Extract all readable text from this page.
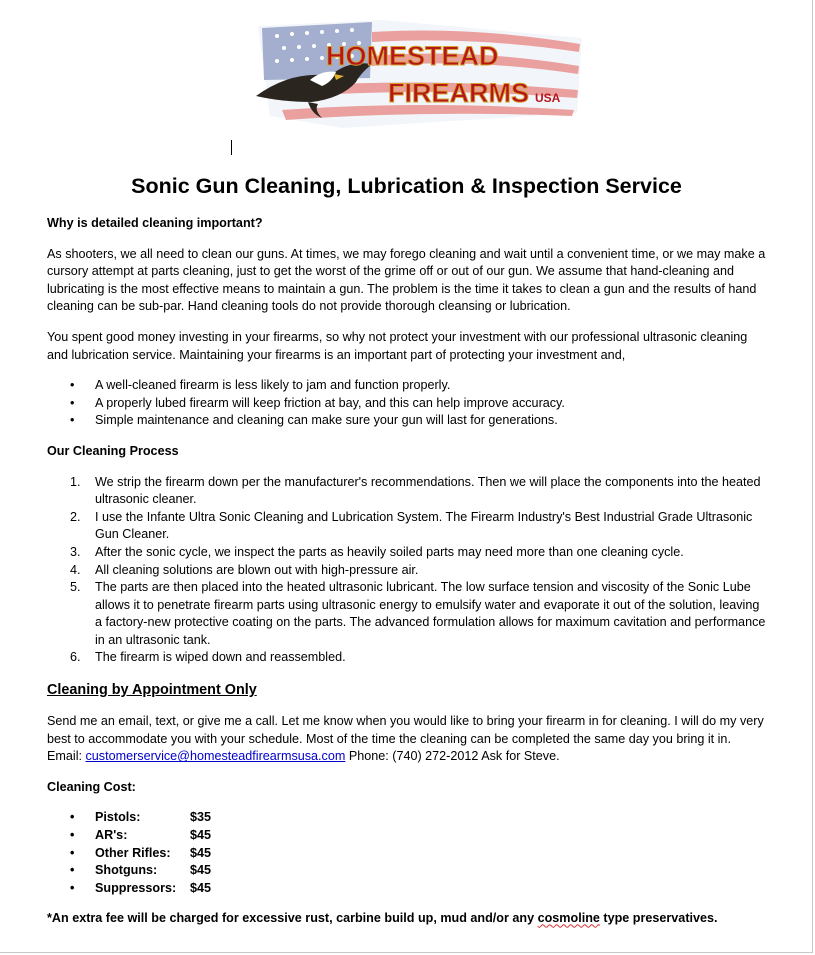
HOMESTEAD
FIREARMS USA
Sonic Gun Cleaning, Lubrication & Inspection Service

Why is detailed cleaning important?

As shooters, we all need to clean our guns. At times, we may forego cleaning and wait until a convenient time, or we may make a cursory attempt at parts cleaning, just to get the worst of the grime off or out of our gun. We assume that hand-cleaning and lubricating is the most effective means to maintain a gun. The problem is the time it takes to clean a gun and the results of hand cleaning can be sub-par. Hand cleaning tools do not provide thorough cleansing or lubrication.

You spent good money investing in your firearms, so why not protect your investment with our professional ultrasonic cleaning and lubrication service. Maintaining your firearms is an important part of protecting your investment and,

• A well-cleaned firearm is less likely to jam and function properly.
• A properly lubed firearm will keep friction at bay, and this can help improve accuracy.
• Simple maintenance and cleaning can make sure your gun will last for generations.

Our Cleaning Process

1. We strip the firearm down per the manufacturer's recommendations. Then we will place the components into the heated ultrasonic cleaner.
2. I use the Infante Ultra Sonic Cleaning and Lubrication System. The Firearm Industry's Best Industrial Grade Ultrasonic Gun Cleaner.
3. After the sonic cycle, we inspect the parts as heavily soiled parts may need more than one cleaning cycle.
4. All cleaning solutions are blown out with high-pressure air.
5. The parts are then placed into the heated ultrasonic lubricant. The low surface tension and viscosity of the Sonic Lube allows it to penetrate firearm parts using ultrasonic energy to emulsify water and evaporate it out of the solution, leaving a factory-new protective coating on the parts. The advanced formulation allows for maximum cavitation and performance in an ultrasonic tank.
6. The firearm is wiped down and reassembled.

Cleaning by Appointment Only

Send me an email, text, or give me a call. Let me know when you would like to bring your firearm in for cleaning. I will do my very best to accommodate you with your schedule. Most of the time the cleaning can be completed the same day you bring it in. Email: customerservice@homesteadfirearmsusa.com Phone: (740) 272-2012 Ask for Steve.

Cleaning Cost:

• Pistols:	$35
• AR's:	$45
• Other Rifles: $45
• Shotguns:	$45
• Suppressors: $45

*An extra fee will be charged for excessive rust, carbine build up, mud and/or any cosmoline type preservatives.
